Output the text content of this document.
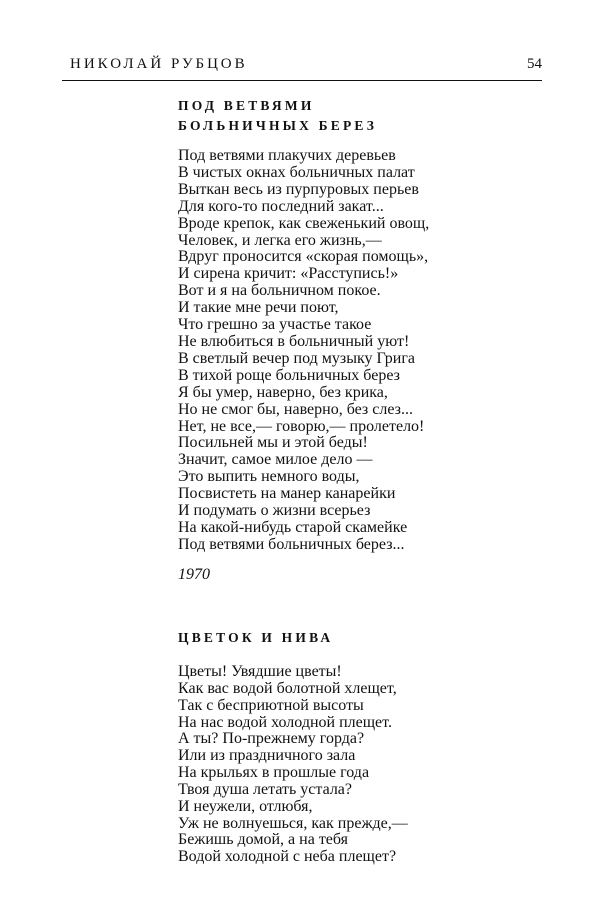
НИКОЛАЙ РУБЦОВ	54
ПОД ВЕТВЯМИ
БОЛЬНИЧНЫХ БЕРЕЗ
Под ветвями плакучих деревьев
В чистых окнах больничных палат
Выткан весь из пурпуровых перьев
Для кого-то последний закат...
Вроде крепок, как свеженький овощ,
Человек, и легка его жизнь,—
Вдруг проносится «скорая помощь»,
И сирена кричит: «Расступись!»
Вот и я на больничном покое.
И такие мне речи поют,
Что грешно за участье такое
Не влюбиться в больничный уют!
В светлый вечер под музыку Грига
В тихой роще больничных берез
Я бы умер, наверно, без крика,
Но не смог бы, наверно, без слез...
Нет, не все,— говорю,— пролетело!
Посильней мы и этой беды!
Значит, самое милое дело —
Это выпить немного воды,
Посвистеть на манер канарейки
И подумать о жизни всерьез
На какой-нибудь старой скамейке
Под ветвями больничных берез...
1970
ЦВЕТОК И НИВА
Цветы! Увядшие цветы!
Как вас водой болотной хлещет,
Так с бесприютной высоты
На нас водой холодной плещет.
А ты? По-прежнему горда?
Или из праздничного зала
На крыльях в прошлые года
Твоя душа летать устала?
И неужели, отлюбя,
Уж не волнуешься, как прежде,—
Бежишь домой, а на тебя
Водой холодной с неба плещет?
